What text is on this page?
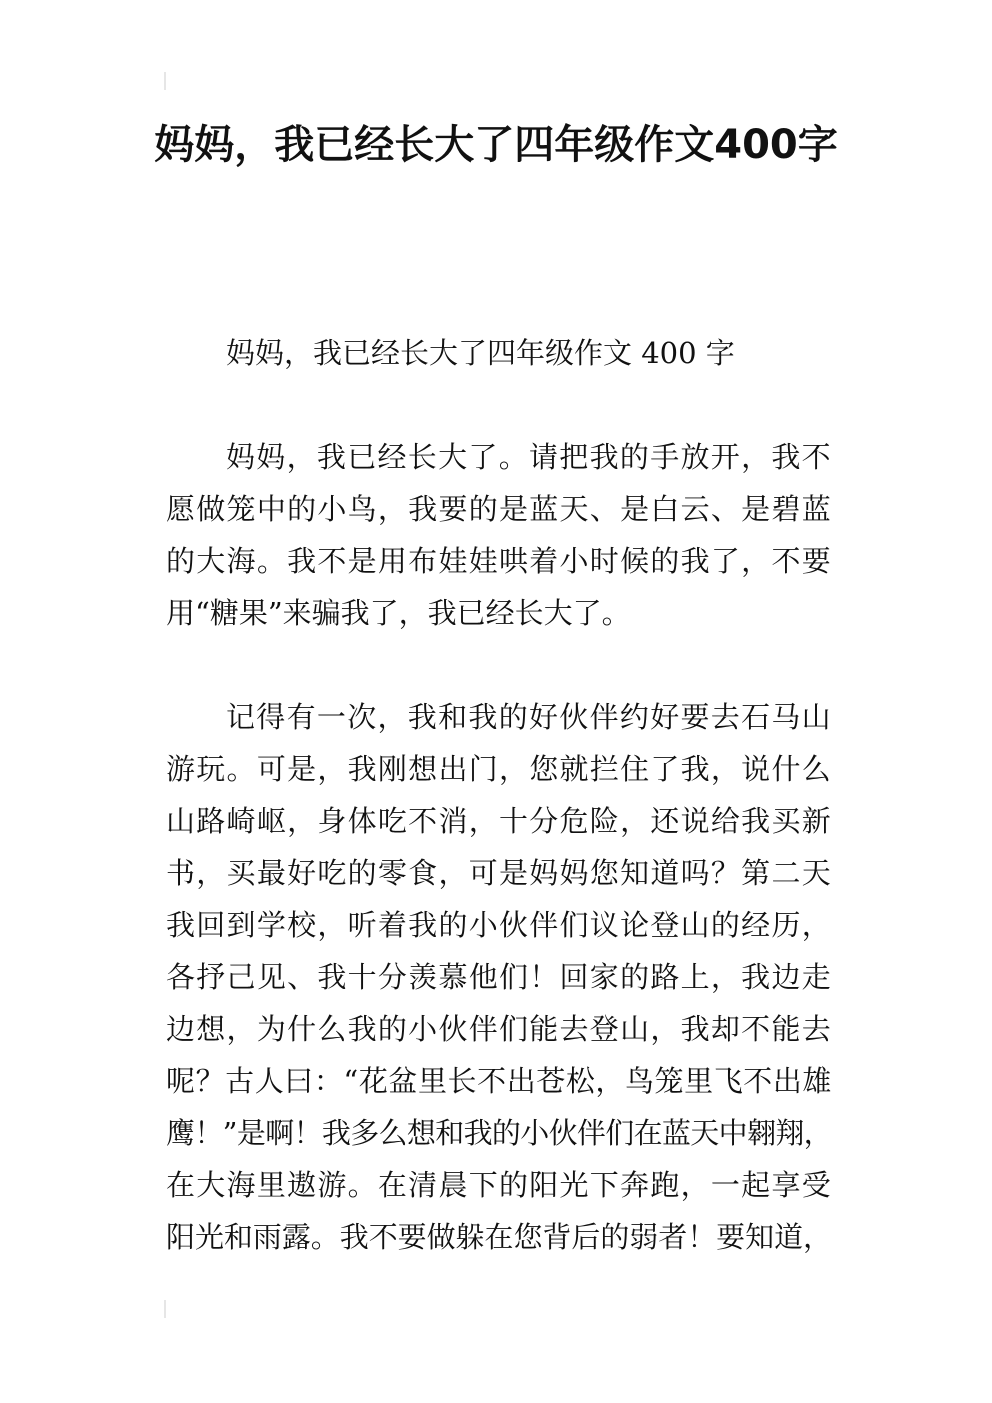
妈妈，我已经长大了四年级作文400字
妈妈，我已经长大了四年级作文 400 字
妈妈，我已经长大了。请把我的手放开，我不
愿做笼中的小鸟，我要的是蓝天、是白云、是碧蓝
的大海。我不是用布娃娃哄着小时候的我了，不要
用“糖果”来骗我了，我已经长大了。
记得有一次，我和我的好伙伴约好要去石马山
游玩。可是，我刚想出门，您就拦住了我，说什么
山路崎岖，身体吃不消，十分危险，还说给我买新
书，买最好吃的零食，可是妈妈您知道吗？第二天
我回到学校，听着我的小伙伴们议论登山的经历，
各抒己见、我十分羡慕他们！回家的路上，我边走
边想，为什么我的小伙伴们能去登山，我却不能去
呢？古人曰：“花盆里长不出苍松，鸟笼里飞不出雄
鹰！”是啊！我多么想和我的小伙伴们在蓝天中翱翔，
在大海里遨游。在清晨下的阳光下奔跑，一起享受
阳光和雨露。我不要做躲在您背后的弱者！要知道，
